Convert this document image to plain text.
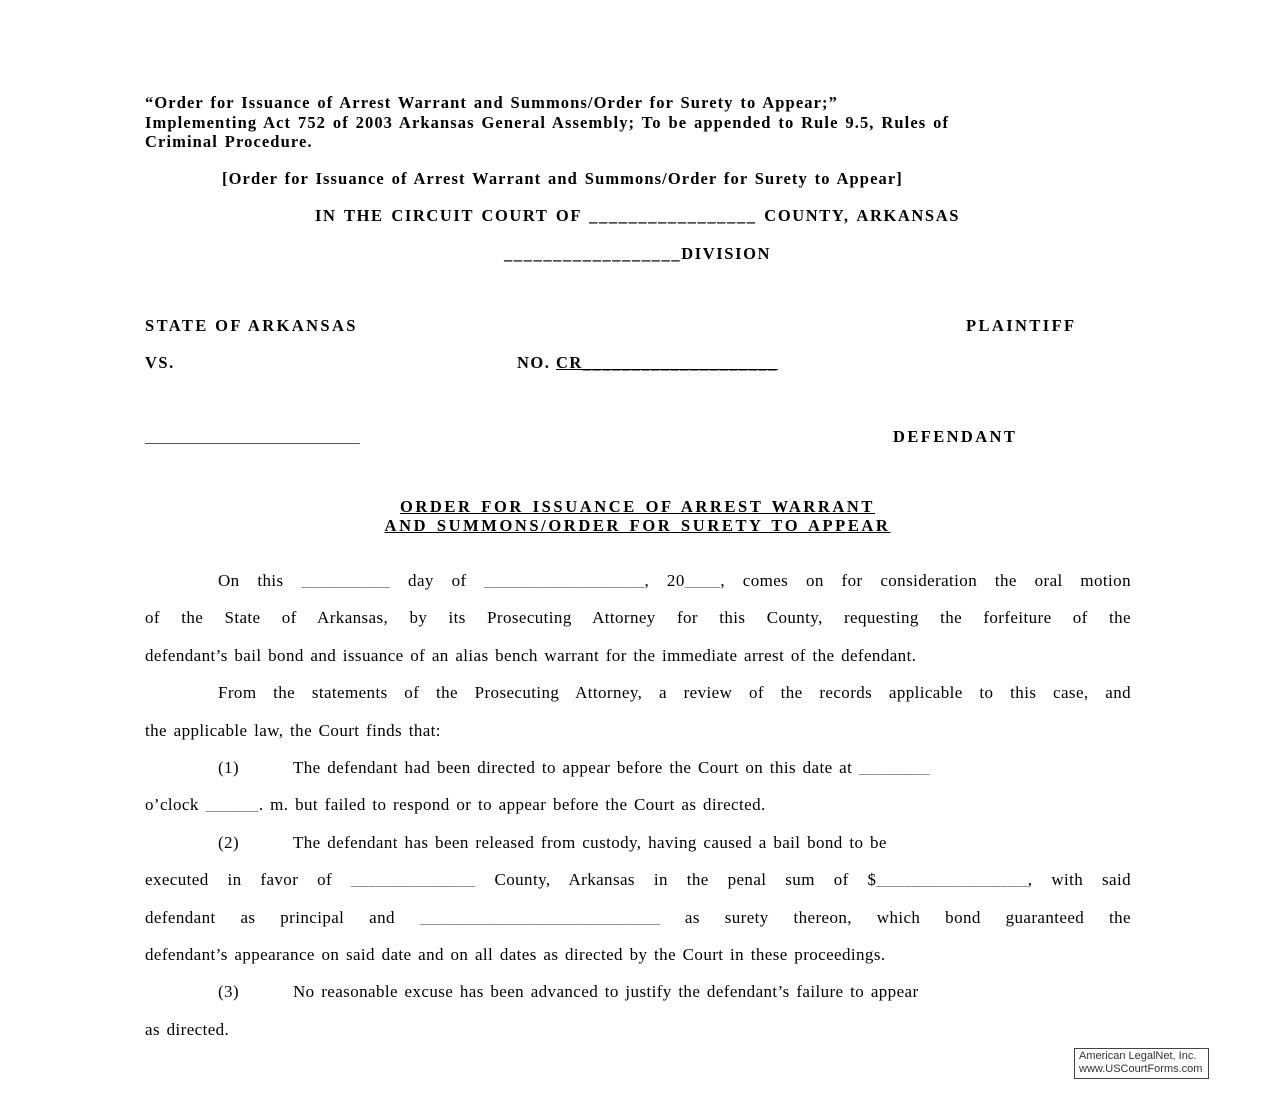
“Order for Issuance of Arrest Warrant and Summons/Order for Surety to Appear;”
Implementing Act 752 of 2003 Arkansas General Assembly; To be appended to Rule 9.5, Rules of
Criminal Procedure.
[Order for Issuance of Arrest Warrant and Summons/Order for Surety to Appear]
IN THE CIRCUIT COURT OF _________________ COUNTY, ARKANSAS
__________________DIVISION
STATE OF ARKANSAS	PLAINTIFF
VS.	NO. CR____________________
__________________________	DEFENDANT
ORDER FOR ISSUANCE OF ARREST WARRANT
AND SUMMONS/ORDER FOR SURETY TO APPEAR
On this __________ day of __________________, 20____, comes on for consideration the oral motion
of the State of Arkansas, by its Prosecuting Attorney for this County, requesting the forfeiture of the
defendant’s bail bond and issuance of an alias bench warrant for the immediate arrest of the defendant.
From the statements of the Prosecuting Attorney, a review of the records applicable to this case, and
the applicable law, the Court finds that:
(1)	The defendant had been directed to appear before the Court on this date at ________
o’clock ______. m. but failed to respond or to appear before the Court as directed.
(2)	The defendant has been released from custody, having caused a bail bond to be
executed in favor of ______________ County, Arkansas in the penal sum of $_________________, with said
defendant as principal and ___________________________ as surety thereon, which bond guaranteed the
defendant’s appearance on said date and on all dates as directed by the Court in these proceedings.
(3)	No reasonable excuse has been advanced to justify the defendant’s failure to appear
as directed.
American LegalNet, Inc.
www.USCourtForms.com
